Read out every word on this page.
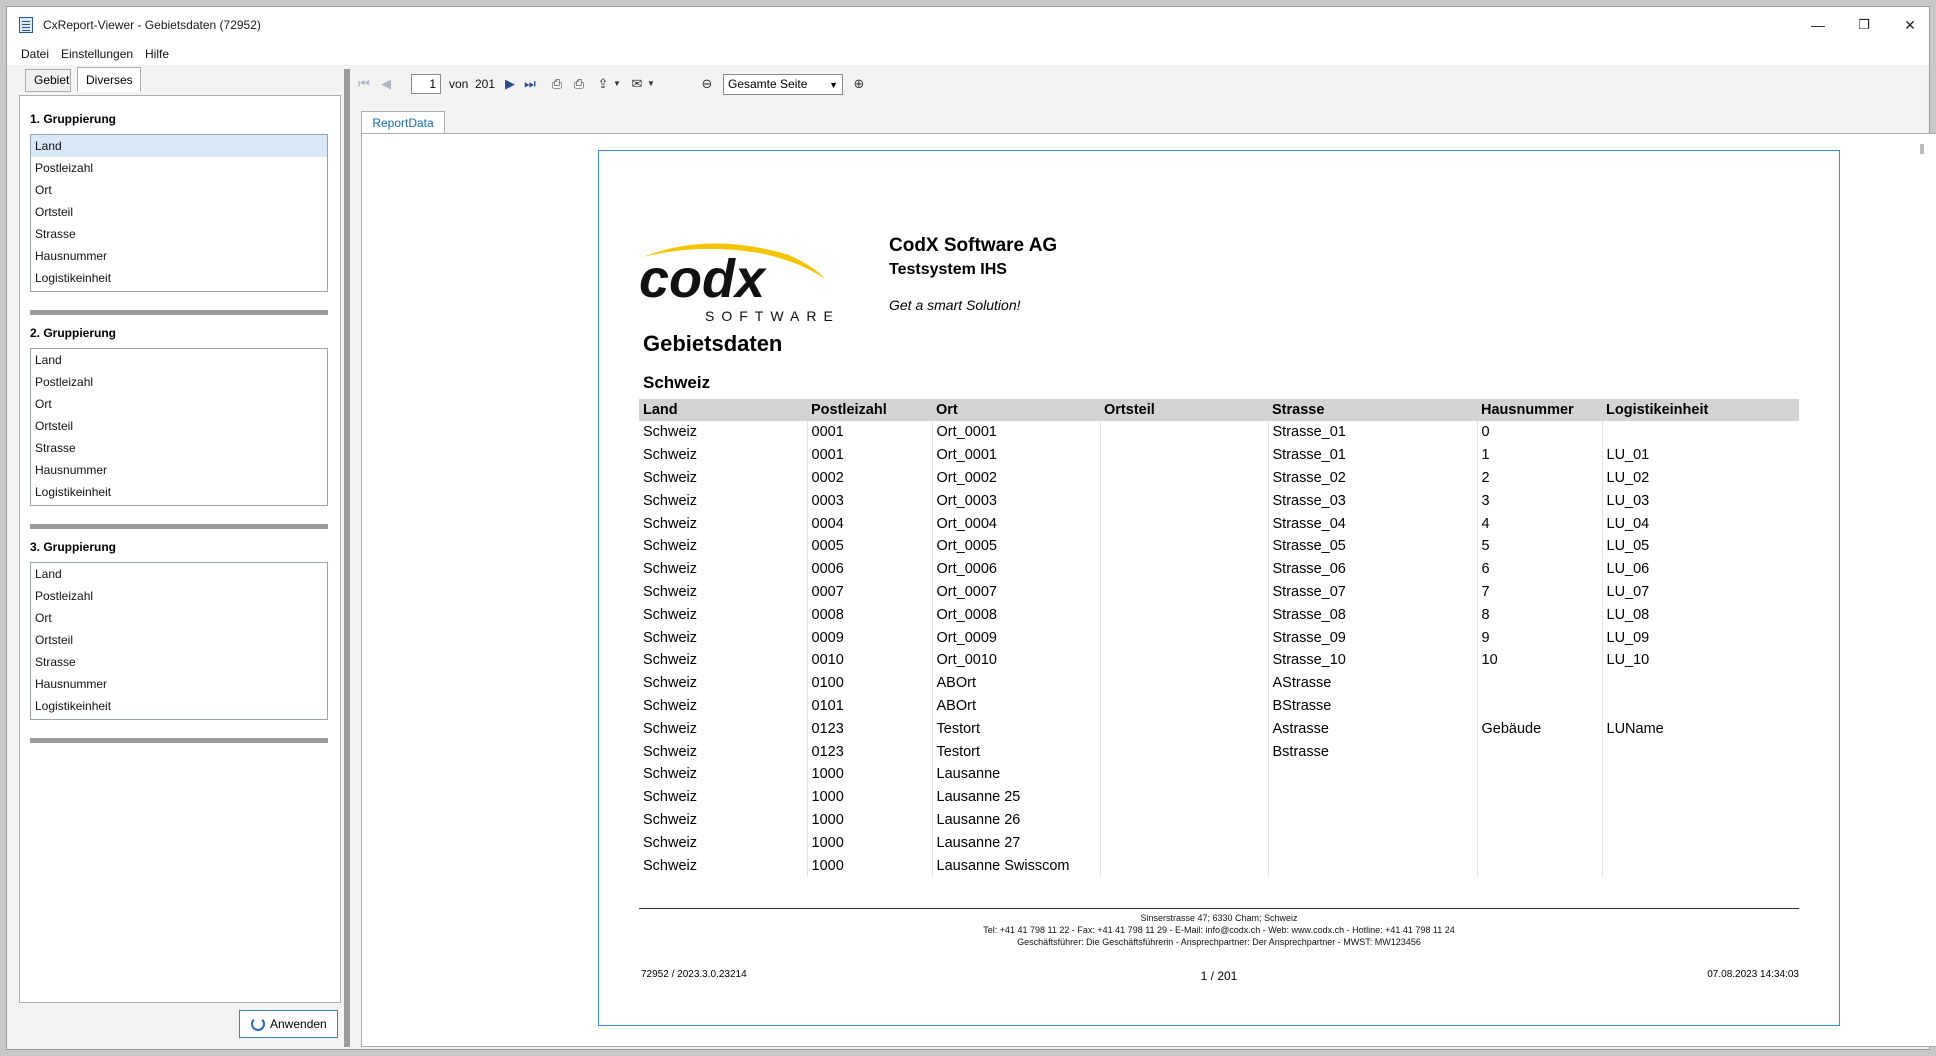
CxReport-Viewer - Gebietsdaten (72952)	—	❐	✕
Datei Einstellungen Hilfe
Gebiet	Diverses
1. Gruppierung
Land
Postleizahl
Ort
Ortsteil
Strasse
Hausnummer
Logistikeinheit
2. Gruppierung
Land
Postleizahl
Ort
Ortsteil
Strasse
Hausnummer
Logistikeinheit
3. Gruppierung
Land
Postleizahl
Ort
Ortsteil
Strasse
Hausnummer
Logistikeinheit
Anwenden
⏮ ◀	1	von 201 ▶ ⏭ ⎙ ⎙ ⇪ ▼ ✉ ▼	⊖	Gesamte Seite ▼ ⊕
ReportData
codx
SOFTWARE
CodX Software AG
Testsystem IHS
Get a smart Solution!
Gebietsdaten
Schweiz
Land	Postleizahl	Ort	Ortsteil	Strasse	Hausnummer	Logistikeinheit
Schweiz	0001	Ort_0001		Strasse_01	0	
Schweiz	0001	Ort_0001		Strasse_01	1	LU_01
Schweiz	0002	Ort_0002		Strasse_02	2	LU_02
Schweiz	0003	Ort_0003		Strasse_03	3	LU_03
Schweiz	0004	Ort_0004		Strasse_04	4	LU_04
Schweiz	0005	Ort_0005		Strasse_05	5	LU_05
Schweiz	0006	Ort_0006		Strasse_06	6	LU_06
Schweiz	0007	Ort_0007		Strasse_07	7	LU_07
Schweiz	0008	Ort_0008		Strasse_08	8	LU_08
Schweiz	0009	Ort_0009		Strasse_09	9	LU_09
Schweiz	0010	Ort_0010		Strasse_10	10	LU_10
Schweiz	0100	ABOrt		AStrasse		
Schweiz	0101	ABOrt		BStrasse		
Schweiz	0123	Testort		Astrasse	Gebäude	LUName
Schweiz	0123	Testort		Bstrasse		
Schweiz	1000	Lausanne				
Schweiz	1000	Lausanne 25				
Schweiz	1000	Lausanne 26				
Schweiz	1000	Lausanne 27				
Schweiz	1000	Lausanne Swisscom				
Sinserstrasse 47; 6330 Cham; Schweiz
Tel: +41 41 798 11 22 - Fax: +41 41 798 11 29 - E-Mail: info@codx.ch - Web: www.codx.ch - Hotline: +41 41 798 11 24
Geschäftsführer: Die Geschäftsführerin - Ansprechpartner: Der Ansprechpartner - MWST: MW123456
72952 / 2023.3.0.23214	1 / 201	07.08.2023 14:34:03
